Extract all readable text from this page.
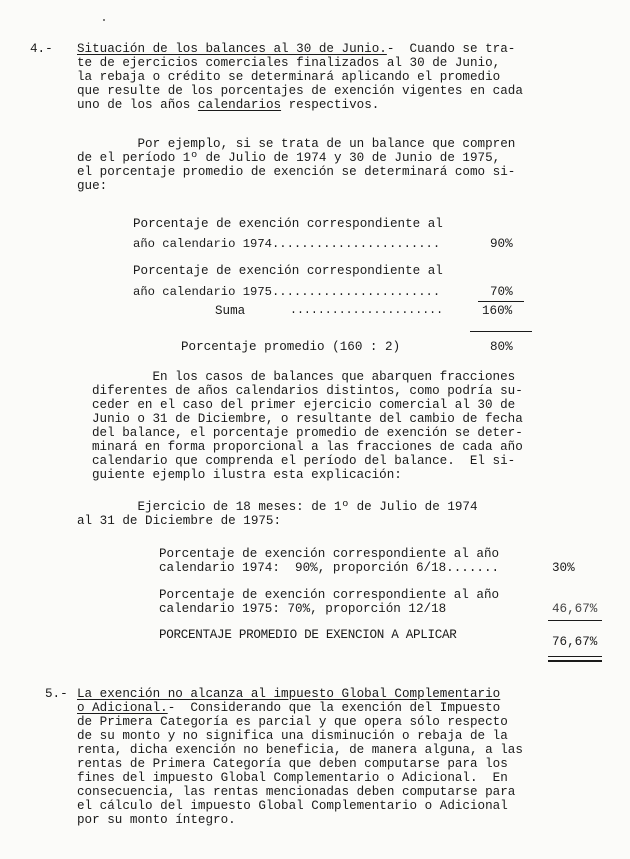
4.- Situación de los balances al 30 de Junio.-  Cuando se tra-
te de ejercicios comerciales finalizados al 30 de Junio,
la rebaja o crédito se determinará aplicando el promedio
que resulte de los porcentajes de exención vigentes en cada
uno de los años calendarios respectivos.
Por ejemplo, si se trata de un balance que compren
de el período 1º de Julio de 1974 y 30 de Junio de 1975,
el porcentaje promedio de exención se determinará como si-
gue:
Porcentaje de exención correspondiente al
año calendario 1974.......................	90%
Porcentaje de exención correspondiente al
año calendario 1975.......................	70%
Suma	......................	160%
Porcentaje promedio (160 : 2)	80%
En los casos de balances que abarquen fracciones
diferentes de años calendarios distintos, como podría su-
ceder en el caso del primer ejercicio comercial al 30 de
Junio o 31 de Diciembre, o resultante del cambio de fecha
del balance, el porcentaje promedio de exención se deter-
minará en forma proporcional a las fracciones de cada año
calendario que comprenda el período del balance.  El si-
guiente ejemplo ilustra esta explicación:
Ejercicio de 18 meses: de 1º de Julio de 1974
al 31 de Diciembre de 1975:
Porcentaje de exención correspondiente al año
calendario 1974:  90%, proporción 6/18.......	30%
Porcentaje de exención correspondiente al año
calendario 1975: 70%, proporción 12/18	46,67%
PORCENTAJE PROMEDIO DE EXENCION A APLICAR	76,67%
5.- La exención no alcanza al impuesto Global Complementario
o Adicional.-  Considerando que la exención del Impuesto
de Primera Categoría es parcial y que opera sólo respecto
de su monto y no significa una disminución o rebaja de la
renta, dicha exención no beneficia, de manera alguna, a las
rentas de Primera Categoría que deben computarse para los
fines del impuesto Global Complementario o Adicional.  En
consecuencia, las rentas mencionadas deben computarse para
el cálculo del impuesto Global Complementario o Adicional
por su monto íntegro.
